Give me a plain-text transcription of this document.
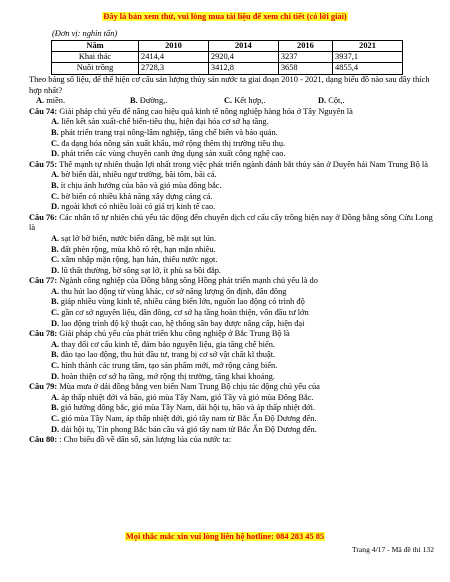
Đây là bản xem thử, vui lòng mua tài liệu để xem chi tiết (có lời giải)
(Đơn vị: nghìn tấn)
Năm	2010	2014	2016	2021
Khai thác	2414,4	2920,4	3237	3937,1
Nuôi trồng	2728,3	3412,8	3658	4855,4

Theo bảng số liệu, để thể hiện cơ cấu sản lượng thủy sản nước ta giai đoạn 2010 - 2021, dạng biểu đồ nào sau đây thích hợp nhất?

A. miền.	B. Đường,.	C. Kết hợp,.	D. Cột,.

Câu 74: Giải pháp chủ yếu để nâng cao hiệu quả kinh tế nông nghiệp hàng hóa ở Tây Nguyên là

A. liên kết sản xuất-chế biến-tiêu thụ, hiện đại hóa cơ sở hạ tầng.

B. phát triển trang trại nông-lâm nghiệp, tăng chế biến và bảo quản.

C. đa dạng hóa nông sản xuất khẩu, mở rộng thêm thị trường tiêu thụ.

D. phát triển các vùng chuyên canh ứng dụng sản xuất công nghệ cao.

Câu 75: Thế mạnh tự nhiên thuận lợi nhất trong việc phát triển ngành đánh bắt thủy sản ở Duyên hải Nam Trung Bộ là

A. bờ biển dài, nhiều ngư trường, bãi tôm, bãi cá.

B. ít chịu ảnh hưởng của bão và gió mùa đông bắc.

C. bờ biển có nhiều khả năng xây dựng cảng cá.

D. ngoài khơi có nhiều loài có giá trị kinh tế cao.

Câu 76: Các nhân tố tự nhiên chủ yếu tác động đến chuyển dịch cơ cấu cây trồng hiện nay ở Đồng bằng sông Cửu Long là

A. sạt lở bờ biển, nước biển dâng, bề mặt sụt lún.

B. đất phèn rộng, mùa khô rõ rệt, hạn mặn nhiều.

C. xâm nhập mặn rộng, hạn hán, thiếu nước ngọt.

D. lũ thất thường, bờ sông sạt lở, ít phù sa bồi đắp.

Câu 77: Ngành công nghiệp của Đồng bằng sông Hồng phát triển mạnh chủ yếu là do

A. thu hút lao động từ vùng khác, cơ sở năng lượng ổn định, dân đông

B. giáp nhiều vùng kinh tế, nhiều cảng biển lớn, nguồn lao động có trình độ

C. gần cơ sở nguyên liệu, dân đông, cơ sở hạ tầng hoàn thiện, vốn đầu tư lớn

D. lao động trình độ kỹ thuật cao, hệ thống sân bay được nâng cấp, hiện đại

Câu 78: Giải pháp chủ yếu của phát triển khu công nghiệp ở Bắc Trung Bộ là

A. thay đổi cơ cấu kinh tế, đảm bảo nguyên liệu, gia tăng chế biến.

B. đào tạo lao động, thu hút đầu tư, trang bị cơ sở vật chất kĩ thuật.

C. hình thành các trung tâm, tạo sản phẩm mới, mở rộng cảng biển.

D. hoàn thiện cơ sở hạ tầng, mở rộng thị trường, tăng khai khoáng.

Câu 79: Mùa mưa ở dải đồng bằng ven biển Nam Trung Bộ chịu tác động chủ yếu của

A. áp thấp nhiệt đới và bão, gió mùa Tây Nam, gió Tây và gió mùa Đông Bắc.

B. gió hướng đông bắc, gió mùa Tây Nam, dải hội tụ, bão và áp thấp nhiệt đới.

C. gió mùa Tây Nam, áp thấp nhiệt đới, gió tây nam từ Bắc Ấn Độ Dương đến.

D. dải hội tụ, Tín phong Bắc bán cầu và gió tây nam từ Bắc Ấn Độ Dương đến.

Câu 80: : Cho biểu đồ về dân số, sản lượng lúa của nước ta:

Mọi thắc mắc xin vui lòng liên hệ hotline: 084 283 45 85
Trang 4/17 - Mã đề thi 132
